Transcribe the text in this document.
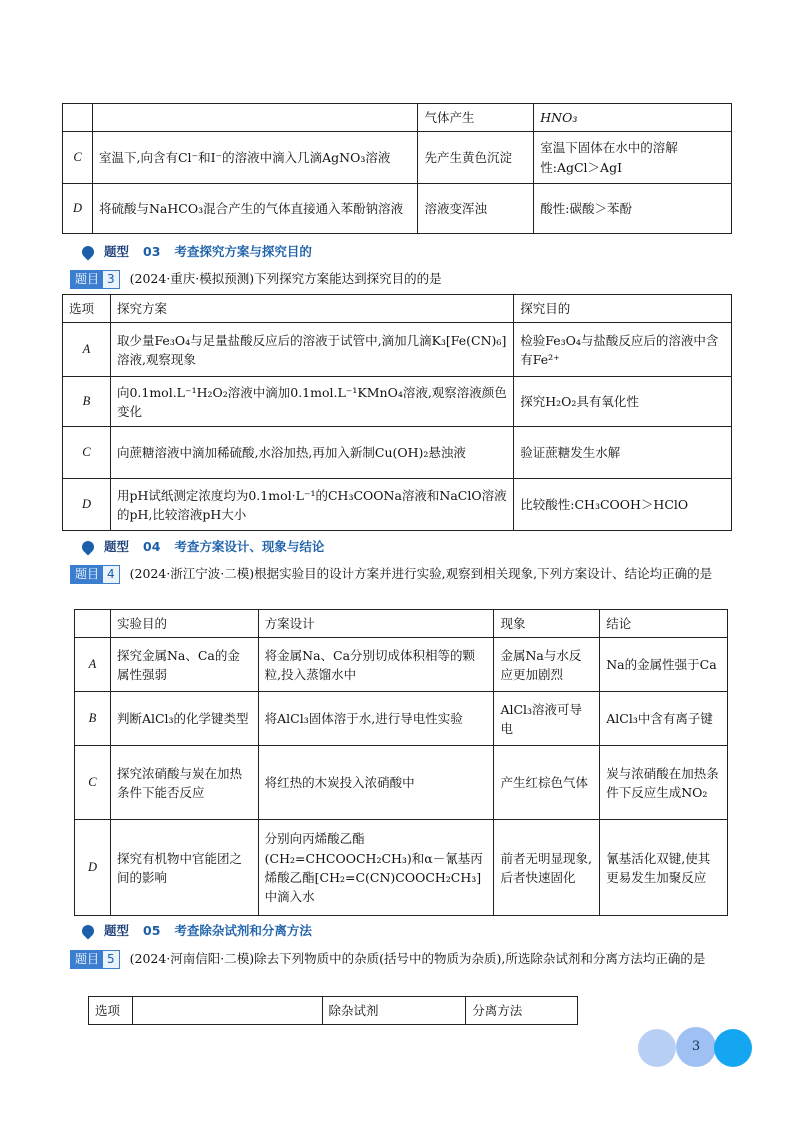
		气体产生	HNO₃
C	室温下,向含有Cl⁻和I⁻的溶液中滴入几滴AgNO₃溶液	先产生黄色沉淀	室温下固体在水中的溶解性:AgCl＞AgI
D	将硫酸与NaHCO₃混合产生的气体直接通入苯酚钠溶液	溶液变浑浊	酸性:碳酸＞苯酚
题型 03 考查探究方案与探究目的
题目 3	(2024·重庆·模拟预测)下列探究方案能达到探究目的的是
选项	探究方案	探究目的
A	取少量Fe₃O₄与足量盐酸反应后的溶液于试管中,滴加几滴K₃[Fe(CN)₆]溶液,观察现象	检验Fe₃O₄与盐酸反应后的溶液中含有Fe²⁺
B	向0.1mol.L⁻¹H₂O₂溶液中滴加0.1mol.L⁻¹KMnO₄溶液,观察溶液颜色变化	探究H₂O₂具有氧化性
C	向蔗糖溶液中滴加稀硫酸,水浴加热,再加入新制Cu(OH)₂悬浊液	验证蔗糖发生水解
D	用pH试纸测定浓度均为0.1mol·L⁻¹的CH₃COONa溶液和NaClO溶液的pH,比较溶液pH大小	比较酸性:CH₃COOH＞HClO
题型 04 考查方案设计、现象与结论
题目 4	(2024·浙江宁波·二模)根据实验目的设计方案并进行实验,观察到相关现象,下列方案设计、结论均正确的是
	实验目的	方案设计	现象	结论
A	探究金属Na、Ca的金属性强弱	将金属Na、Ca分别切成体积相等的颗粒,投入蒸馏水中	金属Na与水反应更加剧烈	Na的金属性强于Ca
B	判断AlCl₃的化学键类型	将AlCl₃固体溶于水,进行导电性实验	AlCl₃溶液可导电	AlCl₃中含有离子键
C	探究浓硝酸与炭在加热条件下能否反应	将红热的木炭投入浓硝酸中	产生红棕色气体	炭与浓硝酸在加热条件下反应生成NO₂
D	探究有机物中官能团之间的影响	分别向丙烯酸乙酯(CH₂=CHCOOCH₂CH₃)和α－氰基丙烯酸乙酯[CH₂=C(CN)COOCH₂CH₃]中滴入水	前者无明显现象,后者快速固化	氰基活化双键,使其更易发生加聚反应
题型 05 考查除杂试剂和分离方法
题目 5	(2024·河南信阳·二模)除去下列物质中的杂质(括号中的物质为杂质),所选除杂试剂和分离方法均正确的是
选项		除杂试剂	分离方法
3
